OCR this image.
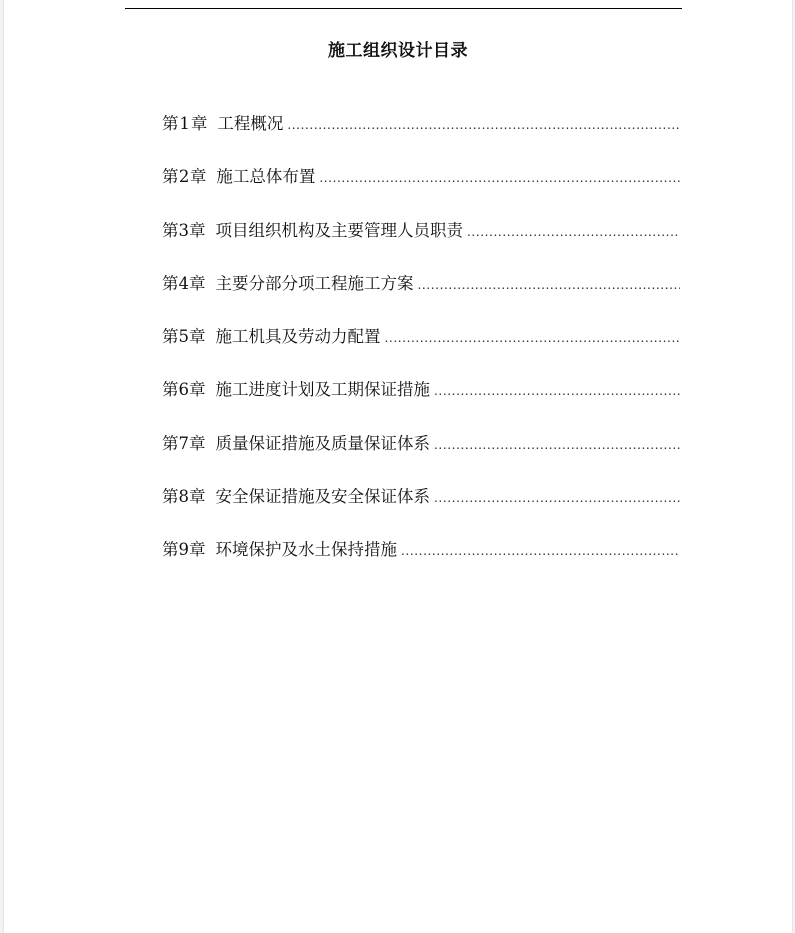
施工组织设计目录
第 1 章 工程概况
.....
第 2 章 施工总体布置
.....
第 3 章 项目组织机构及主要管理人员职责
.....
第 4 章 主要分部分项工程施工方案
.....
第 5 章 施工机具及劳动力配置
.....
第 6 章 施工进度计划及工期保证措施
.....
第 7 章 质量保证措施及质量保证体系
.....
第 8 章 安全保证措施及安全保证体系
.....
第 9 章 环境保护及水土保持措施
.....
